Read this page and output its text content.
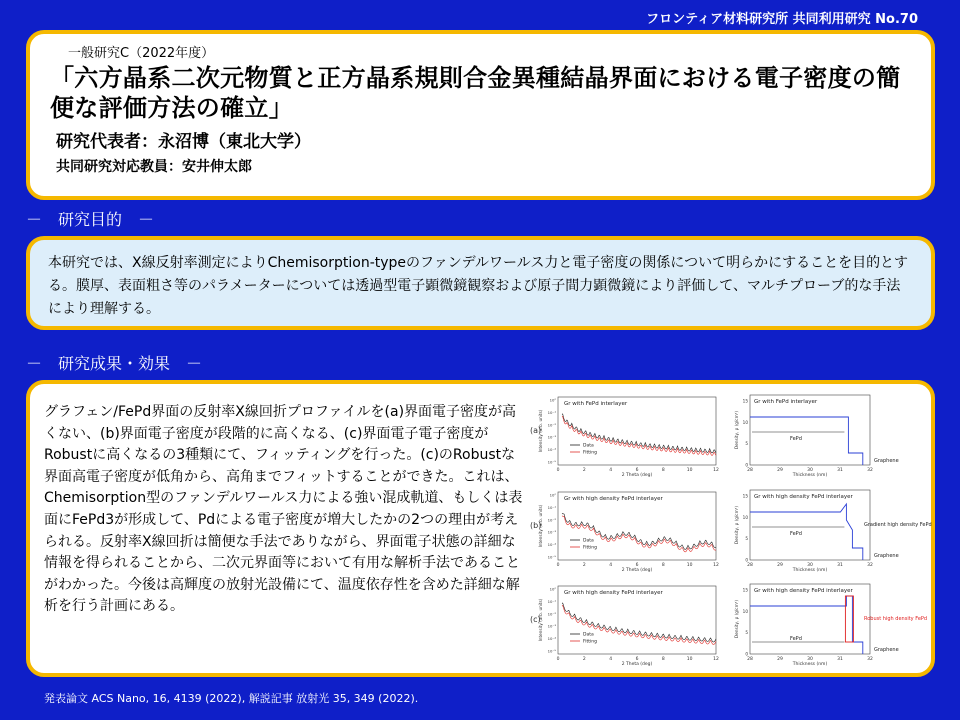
フロンティア材料研究所 共同利用研究 No.70
一般研究C（2022年度）
「六方晶系二次元物質と正方晶系規則合金異種結晶界面における電子密度の簡便な評価方法の確立」
研究代表者：永沼博（東北大学）
共同研究対応教員：安井伸太郎
－　研究目的　－
本研究では、X線反射率測定によりChemisorption-typeのファンデルワールス力と電子密度の関係について明らかにすることを目的とする。膜厚、表面粗さ等のパラメーターについては透過型電子顕微鏡観察および原子間力顕微鏡により評価して、マルチプローブ的な手法により理解する。
－　研究成果・効果　－
グラフェン/FePd界面の反射率X線回折プロファイルを(a)界面電子密度が高くない、(b)界面電子密度が段階的に高くなる、(c)界面電子電子密度がRobustに高くなるの3種類にて、フィッティングを行った。(c)のRobustな界面高電子密度が低角から、高角までフィットすることができた。これは、Chemisorption型のファンデルワールス力による強い混成軌道、もしくは表面にFePd3が形成して、Pdによる電子密度が増大したかの2つの理由が考えられる。反射率X線回折は簡便な手法でありながら、界面電子状態の詳細な情報を得られることから、二次元界面等において有用な解析手法であることがわかった。今後は高輝度の放射光設備にて、温度依存性を含めた詳細な解析を行う計画にある。
(a)
Gr with FePd interlayer
0	2	4	6	8	10	12
10⁰
10⁻¹
10⁻²
10⁻³
10⁻⁴
10⁻⁵
2 Theta (deg)
Intensity (arb. units)	Data
Fitting
Gr with FePd interlayer
28	29	30	31	32
0
5
10
15
Thickness (nm)
Density, ρ (g/cm³)	FePd
Graphene
(b)
Gr with high density FePd interlayer
0	2	4	6	8	10	12
10⁰
10⁻¹
10⁻²
10⁻³
10⁻⁴
10⁻⁵
2 Theta (deg)
Intensity (arb. units)	Data
Fitting
Gr with high density FePd interlayer
28	29	30	31	32
0
5
10
15
Thickness (nm)
Density, ρ (g/cm³)	FePd
Graphene
Gradient high density FePd
(c)
Gr with high density FePd interlayer
0	2	4	6	8	10	12
10⁰
10⁻¹
10⁻²
10⁻³
10⁻⁴
10⁻⁵
2 Theta (deg)
Intensity (arb. units)	Data
Fitting
Gr with high density FePd interlayer
28	29	30	31	32
0
5
10
15
Thickness (nm)
Density, ρ (g/cm³)
FePd
Graphene
Robust high density FePd
発表論文 ACS Nano, 16, 4139 (2022), 解説記事 放射光 35, 349 (2022).
